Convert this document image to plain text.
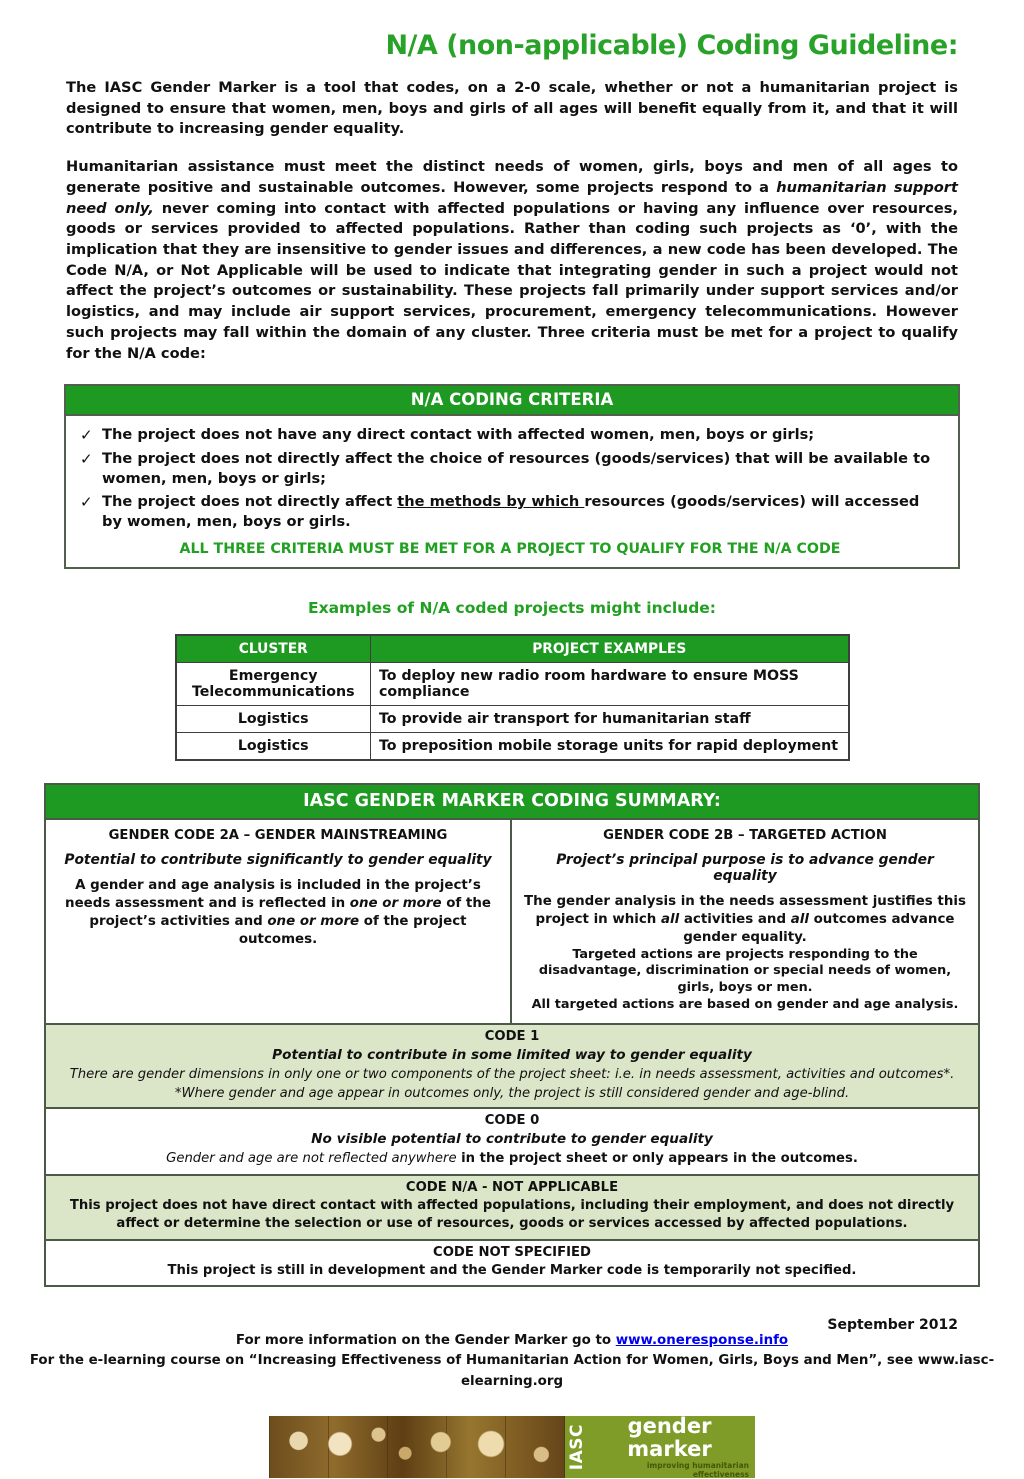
N/A (non-applicable) Coding Guideline:

The IASC Gender Marker is a tool that codes, on a 2-0 scale, whether or not a humanitarian project is designed to ensure that women, men, boys and girls of all ages will benefit equally from it, and that it will contribute to increasing gender equality.

Humanitarian assistance must meet the distinct needs of women, girls, boys and men of all ages to generate positive and sustainable outcomes. However, some projects respond to a humanitarian support need only, never coming into contact with affected populations or having any influence over resources, goods or services provided to affected populations. Rather than coding such projects as ‘0’, with the implication that they are insensitive to gender issues and differences, a new code has been developed. The Code N/A, or Not Applicable will be used to indicate that integrating gender in such a project would not affect the project’s outcomes or sustainability. These projects fall primarily under support services and/or logistics, and may include air support services, procurement, emergency telecommunications. However such projects may fall within the domain of any cluster. Three criteria must be met for a project to qualify for the N/A code:

N/A CODING CRITERIA
✓ The project does not have any direct contact with affected women, men, boys or girls;
✓ The project does not directly affect the choice of resources (goods/services) that will be available to women, men, boys or girls;
✓ The project does not directly affect the methods by which resources (goods/services) will accessed by women, men, boys or girls.
ALL THREE CRITERIA MUST BE MET FOR A PROJECT TO QUALIFY FOR THE N/A CODE
Examples of N/A coded projects might include:
CLUSTER	PROJECT EXAMPLES
Emergency Telecommunications	To deploy new radio room hardware to ensure MOSS compliance
Logistics	To provide air transport for humanitarian staff
Logistics	To preposition mobile storage units for rapid deployment
IASC GENDER MARKER CODING SUMMARY:
GENDER CODE 2A – GENDER MAINSTREAMING
Potential to contribute significantly to gender equality
A gender and age analysis is included in the project’s needs assessment and is reflected in one or more of the project’s activities and one or more of the project outcomes.
GENDER CODE 2B – TARGETED ACTION
Project’s principal purpose is to advance gender equality
The gender analysis in the needs assessment justifies this project in which all activities and all outcomes advance gender equality.
Targeted actions are projects responding to the disadvantage, discrimination or special needs of women, girls, boys or men.
All targeted actions are based on gender and age analysis.
CODE 1
Potential to contribute in some limited way to gender equality
There are gender dimensions in only one or two components of the project sheet: i.e. in needs assessment, activities and outcomes*.
*Where gender and age appear in outcomes only, the project is still considered gender and age-blind.
CODE 0
No visible potential to contribute to gender equality
Gender and age are not reflected anywhere in the project sheet or only appears in the outcomes.
CODE N/A - NOT APPLICABLE
This project does not have direct contact with affected populations, including their employment, and does not directly affect or determine the selection or use of resources, goods or services accessed by affected populations.
CODE NOT SPECIFIED
This project is still in development and the Gender Marker code is temporarily not specified.
For more information on the Gender Marker go to www.oneresponse.info
For the e-learning course on “Increasing Effectiveness of Humanitarian Action for Women, Girls, Boys and Men”, see www.iasc-elearning.org
IASC	gender marker
improving humanitarian effectiveness
September 2012
